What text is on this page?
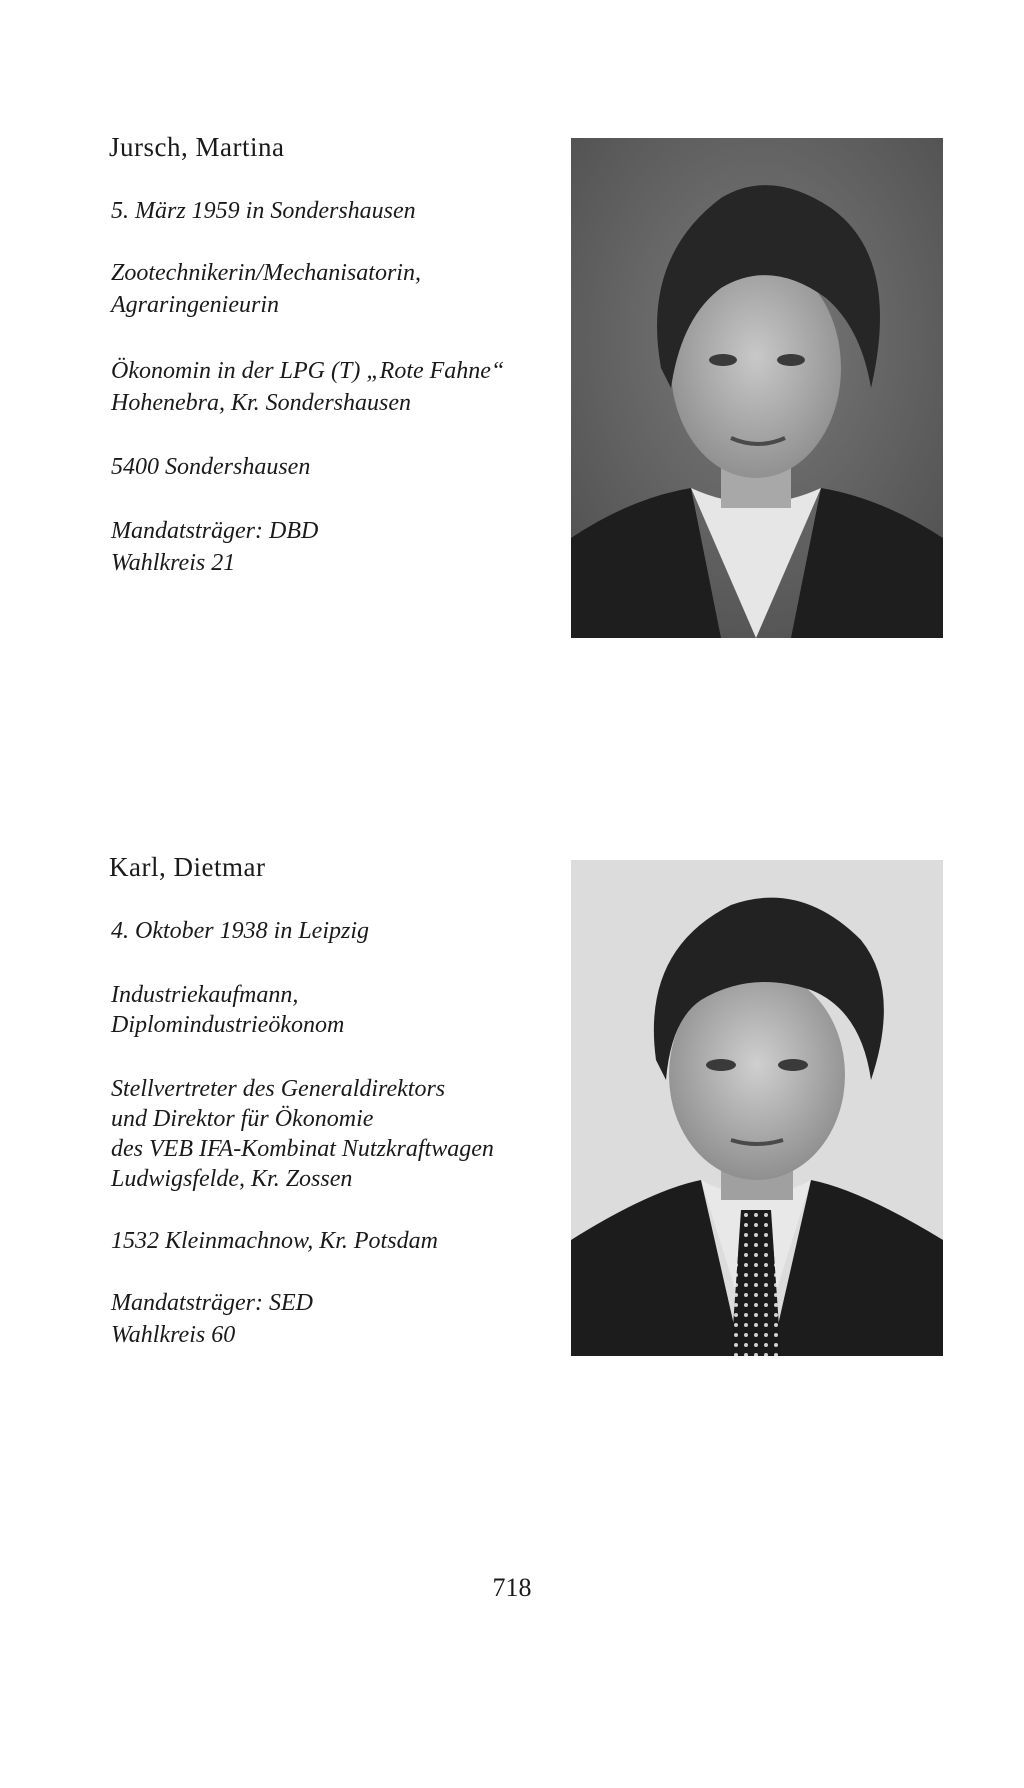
Jursch, Martina

5. März 1959 in Sondershausen

Zootechnikerin/Mechanisatorin,

Agraringenieurin

Ökonomin in der LPG (T) „Rote Fahne“

Hohenebra, Kr. Sondershausen

5400 Sondershausen

Mandatsträger: DBD

Wahlkreis 21

Karl, Dietmar

4. Oktober 1938 in Leipzig

Industriekaufmann,

Diplomindustrieökonom

Stellvertreter des Generaldirektors

und Direktor für Ökonomie

des VEB IFA-Kombinat Nutzkraftwagen

Ludwigsfelde, Kr. Zossen

1532 Kleinmachnow, Kr. Potsdam

Mandatsträger: SED

Wahlkreis 60

718
